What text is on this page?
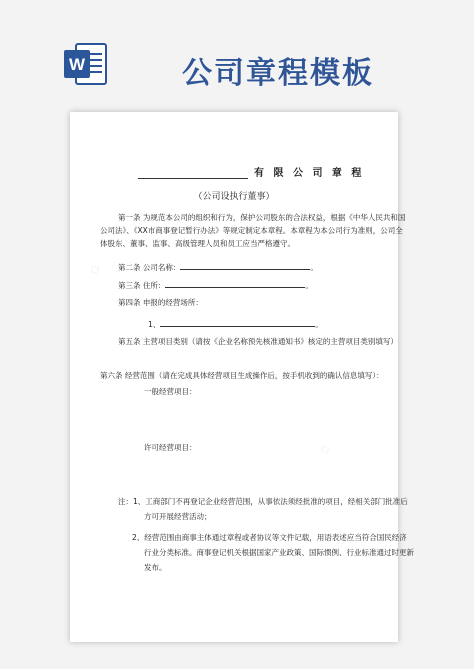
W	公司章程模板
◇
◇
有 限 公 司 章 程
（公司设执行董事）
第一条 为规范本公司的组织和行为，保护公司股东的合法权益，根据《中华人民共和国
公司法》、《XX市商事登记暂行办法》等规定制定本章程。本章程为本公司行为准则，公司全
体股东、董事、监事、高级管理人员和员工应当严格遵守。
第二条 公司名称：	。
第三条 住所：	。
第四条 申报的经营场所：
1、	。
第五条 主营项目类别（请按《企业名称预先核准通知书》核定的主营项目类别填写）
第六条 经营范围（请在完成具体经营项目生成操作后，按手机收到的确认信息填写）：
一般经营项目：
许可经营项目：
注：1、工商部门不再登记企业经营范围，从事依法须经批准的项目，经相关部门批准后
方可开展经营活动；
2、经营范围由商事主体通过章程或者协议等文件记载，用语表述应当符合国民经济
行业分类标准。商事登记机关根据国家产业政策、国际惯例、行业标准通过时更新
发布。
